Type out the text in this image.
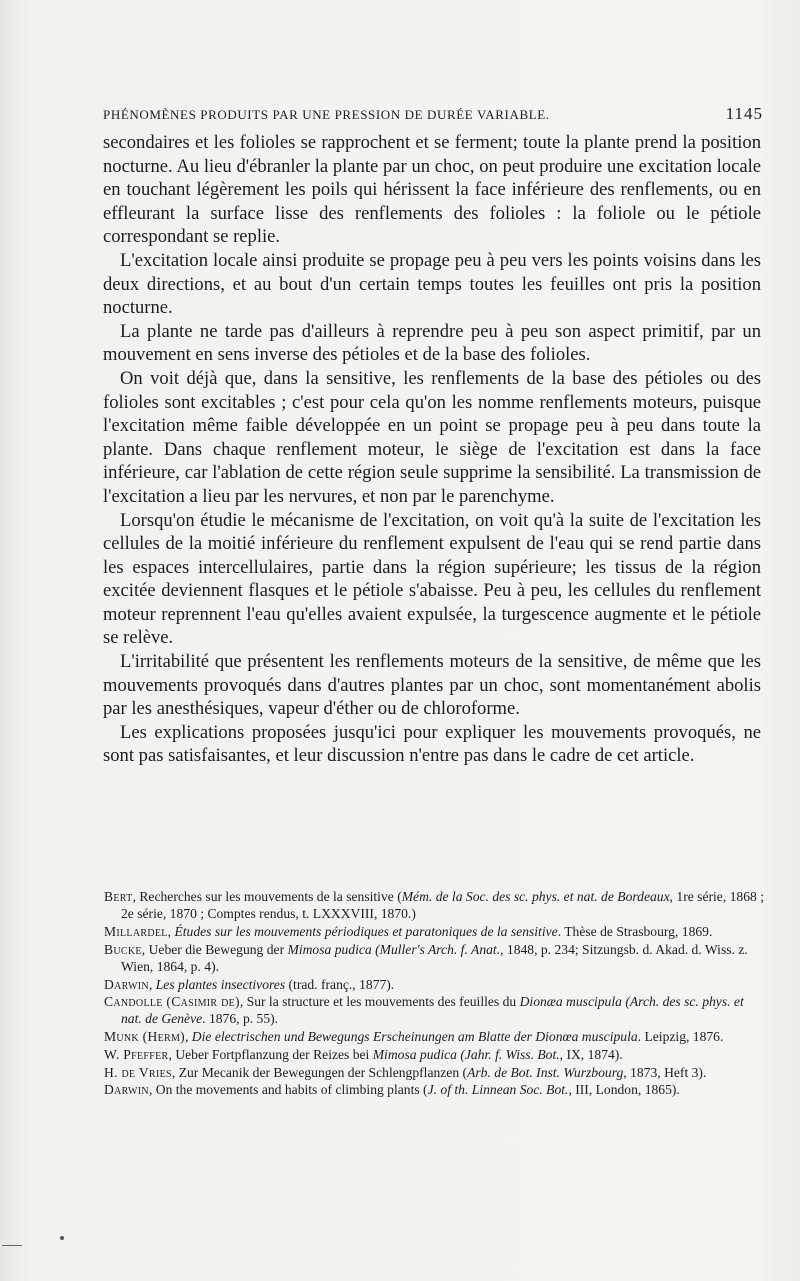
PHÉNOMÈNES PRODUITS PAR UNE PRESSION DE DURÉE VARIABLE.	1145

secondaires et les folioles se rapprochent et se ferment; toute la plante prend la position nocturne. Au lieu d'ébranler la plante par un choc, on peut produire une excitation locale en touchant légèrement les poils qui hérissent la face inférieure des renflements, ou en effleurant la surface lisse des renflements des folioles : la foliole ou le pétiole correspondant se replie.

L'excitation locale ainsi produite se propage peu à peu vers les points voisins dans les deux directions, et au bout d'un certain temps toutes les feuilles ont pris la position nocturne.

La plante ne tarde pas d'ailleurs à reprendre peu à peu son aspect primitif, par un mouvement en sens inverse des pétioles et de la base des folioles.

On voit déjà que, dans la sensitive, les renflements de la base des pétioles ou des folioles sont excitables ; c'est pour cela qu'on les nomme renflements moteurs, puisque l'excitation même faible développée en un point se propage peu à peu dans toute la plante. Dans chaque renflement moteur, le siège de l'excitation est dans la face inférieure, car l'ablation de cette région seule supprime la sensibilité. La transmission de l'excitation a lieu par les nervures, et non par le parenchyme.

Lorsqu'on étudie le mécanisme de l'excitation, on voit qu'à la suite de l'excitation les cellules de la moitié inférieure du renflement expulsent de l'eau qui se rend partie dans les espaces intercellulaires, partie dans la région supérieure; les tissus de la région excitée deviennent flasques et le pétiole s'abaisse. Peu à peu, les cellules du renflement moteur reprennent l'eau qu'elles avaient expulsée, la turgescence augmente et le pétiole se relève.

L'irritabilité que présentent les renflements moteurs de la sensitive, de même que les mouvements provoqués dans d'autres plantes par un choc, sont momentanément abolis par les anesthésiques, vapeur d'éther ou de chloroforme.

Les explications proposées jusqu'ici pour expliquer les mouvements provoqués, ne sont pas satisfaisantes, et leur discussion n'entre pas dans le cadre de cet article.

Bert, Recherches sur les mouvements de la sensitive (Mém. de la Soc. des sc. phys. et nat. de Bordeaux, 1re série, 1868 ; 2e série, 1870 ; Comptes rendus, t. LXXXVIII, 1870.)
Millardel, Études sur les mouvements périodiques et paratoniques de la sensitive. Thèse de Strasbourg, 1869.
Bucke, Ueber die Bewegung der Mimosa pudica (Muller's Arch. f. Anat., 1848, p. 234; Sitzungsb. d. Akad. d. Wiss. z. Wien, 1864, p. 4).
Darwin, Les plantes insectivores (trad. franç., 1877).
Candolle (Casimir de), Sur la structure et les mouvements des feuilles du Dionæa muscipula (Arch. des sc. phys. et nat. de Genève. 1876, p. 55).
Munk (Herm), Die electrischen und Bewegungs Erscheinungen am Blatte der Dionœa muscipula. Leipzig, 1876.
W. Pfeffer, Ueber Fortpflanzung der Reizes bei Mimosa pudica (Jahr. f. Wiss. Bot., IX, 1874).
H. de Vries, Zur Mecanik der Bewegungen der Schlengpflanzen (Arb. de Bot. Inst. Wurzbourg, 1873, Heft 3).
Darwin, On the movements and habits of climbing plants (J. of th. Linnean Soc. Bot., III, London, 1865).
